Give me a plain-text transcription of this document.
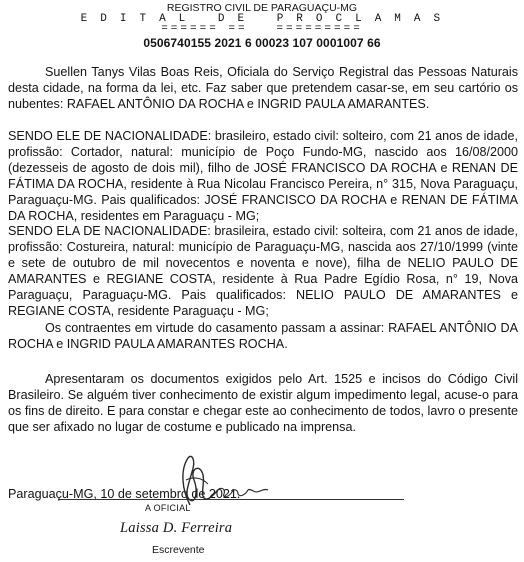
REGISTRO CIVIL DE PARAGUAÇU-MG
E D I T A L   D E   P R O C L A M A S
====== ==   =========
0506740155 2021 6 00023 107 0001007 66

Suellen Tanys Vilas Boas Reis, Oficiala do Serviço Registral das Pessoas Naturais desta cidade, na forma da lei, etc. Faz saber que pretendem casar-se, em seu cartório os nubentes: RAFAEL ANTÔNIO DA ROCHA e INGRID PAULA AMARANTES.

SENDO ELE DE NACIONALIDADE: brasileiro, estado civil: solteiro, com 21 anos de idade, profissão: Cortador, natural: município de Poço Fundo-MG, nascido aos 16/08/2000 (dezesseis de agosto de dois mil), filho de JOSÉ FRANCISCO DA ROCHA e RENAN DE FÁTIMA DA ROCHA, residente à Rua Nicolau Francisco Pereira, n° 315, Nova Paraguaçu, Paraguaçu-MG. Pais qualificados: JOSÉ FRANCISCO DA ROCHA e RENAN DE FÁTIMA DA ROCHA, residentes em Paraguaçu - MG;

SENDO ELA DE NACIONALIDADE: brasileira, estado civil: solteira, com 21 anos de idade, profissão: Costureira, natural: município de Paraguaçu-MG, nascida aos 27/10/1999 (vinte e sete de outubro de mil novecentos e noventa e nove), filha de NELIO PAULO DE AMARANTES e REGIANE COSTA, residente à Rua Padre Egídio Rosa, n° 19, Nova Paraguaçu, Paraguaçu-MG. Pais qualificados: NELIO PAULO DE AMARANTES e REGIANE COSTA, residente Paraguaçu - MG;

Os contraentes em virtude do casamento passam a assinar: RAFAEL ANTÔNIO DA ROCHA e INGRID PAULA AMARANTES ROCHA.

Apresentaram os documentos exigidos pelo Art. 1525 e incisos do Código Civil Brasileiro. Se alguém tiver conhecimento de existir algum impedimento legal, acuse-o para os fins de direito. E para constar e chegar este ao conhecimento de todos, lavro o presente que ser afixado no lugar de costume e publicado na imprensa.

Paraguaçu-MG, 10 de setembro de 2021.
A OFICIAL
Laissa D. Ferreira
Escrevente
